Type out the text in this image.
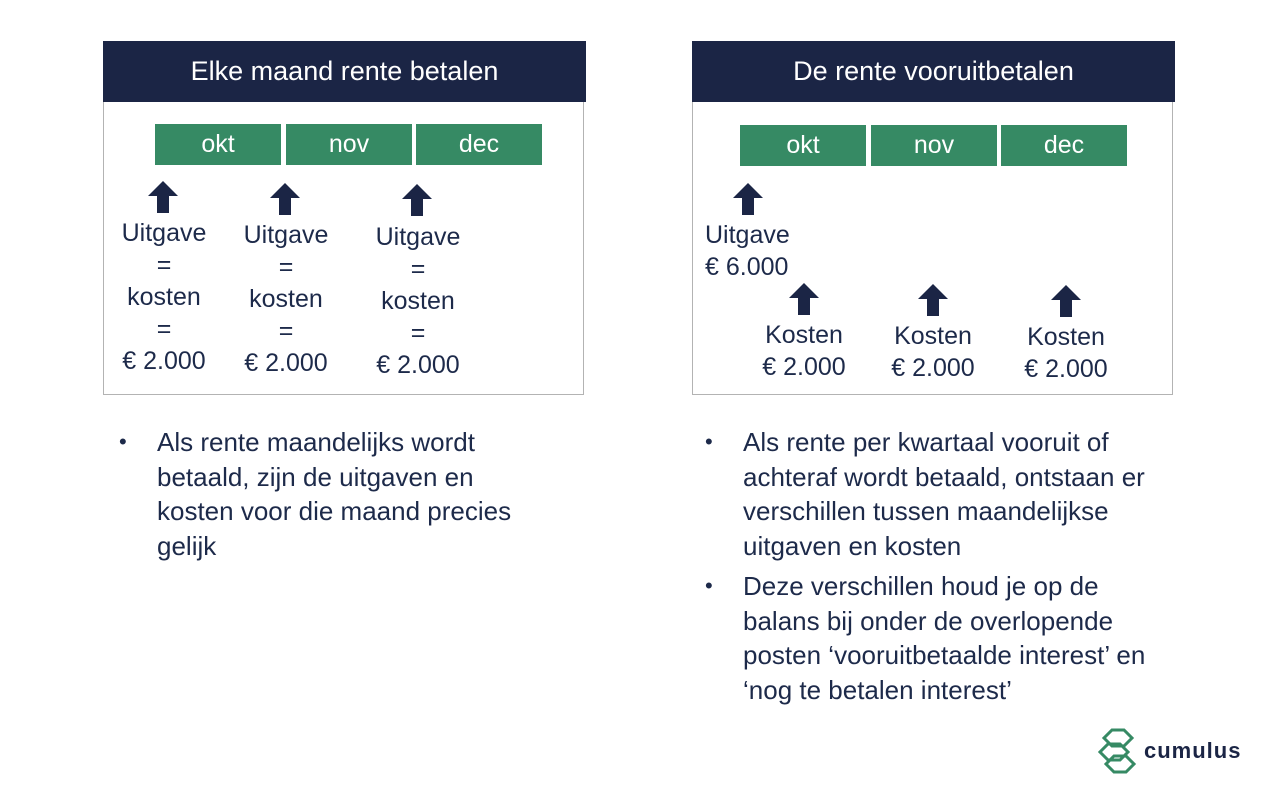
Elke maand rente betalen
okt	nov	dec
Uitgave
=
kosten
=
€ 2.000
Uitgave
=
kosten
=
€ 2.000
Uitgave
=
kosten
=
€ 2.000
De rente vooruitbetalen
okt	nov	dec
Uitgave
€ 6.000
Kosten
€ 2.000
Kosten
€ 2.000
Kosten
€ 2.000
• Als rente maandelijks wordt betaald, zijn de uitgaven en kosten voor die maand precies gelijk
• Als rente per kwartaal vooruit of achteraf wordt betaald, ontstaan er verschillen tussen maandelijkse uitgaven en kosten
• Deze verschillen houd je op de balans bij onder de overlopende posten ‘vooruitbetaalde interest’ en ‘nog te betalen interest’
cumulus
